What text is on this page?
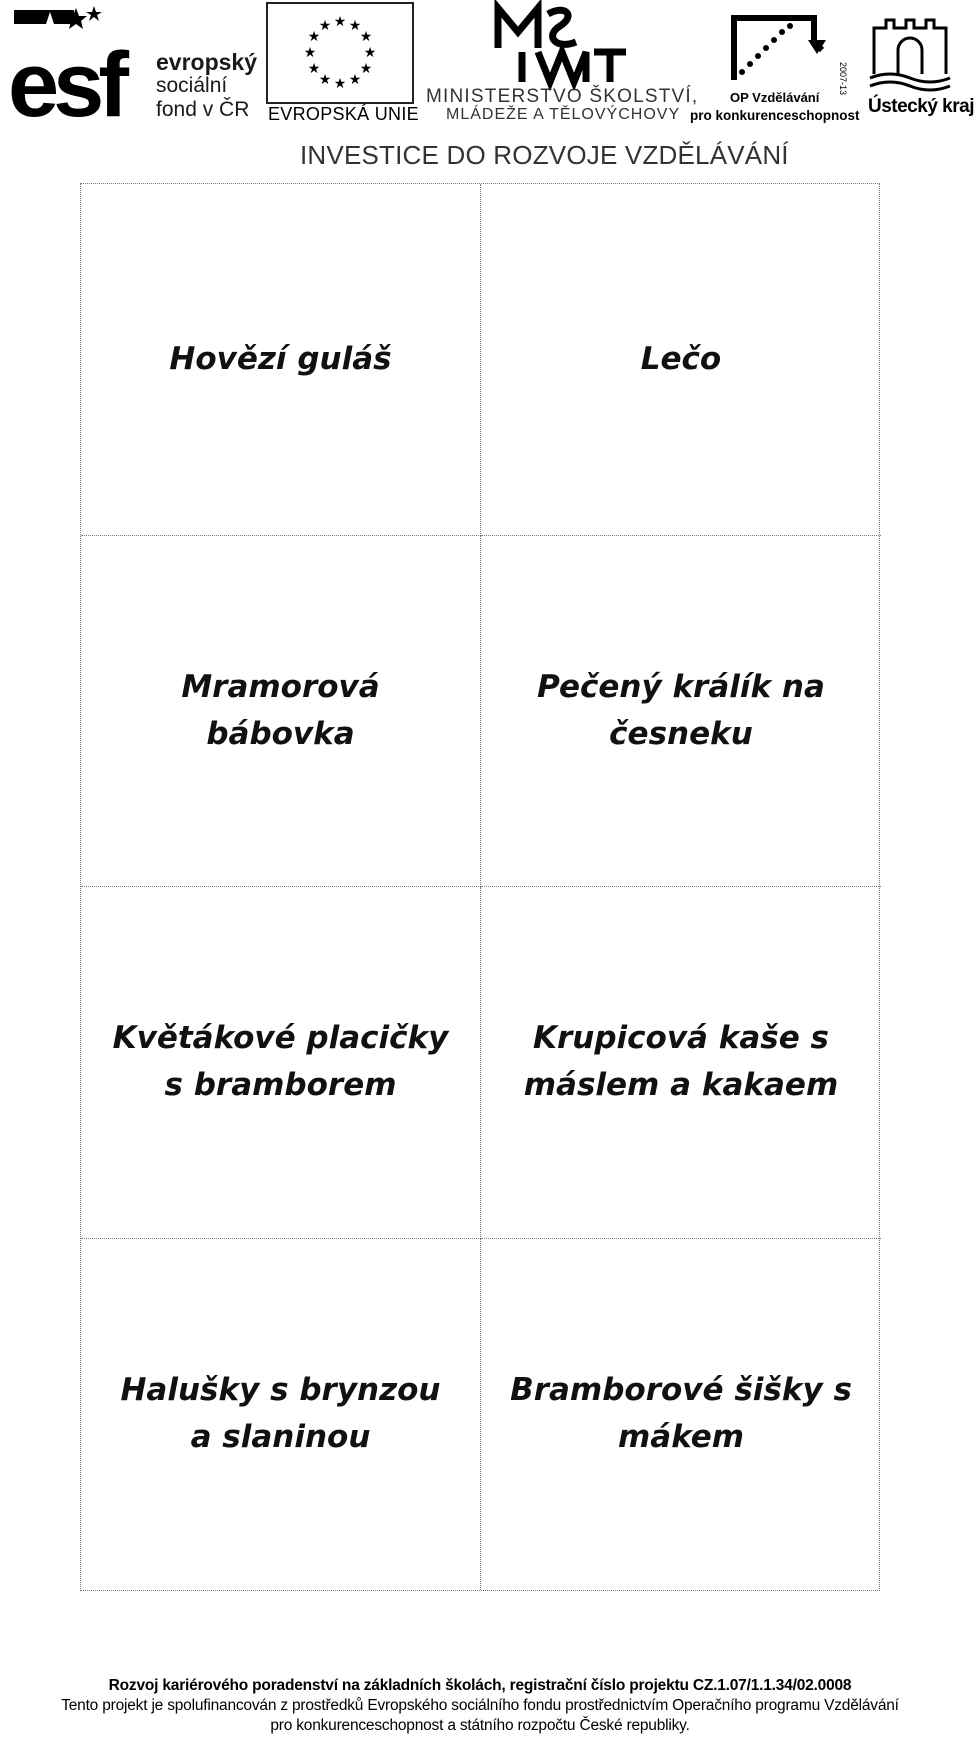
esf evropský
sociální
fond v ČR
★ ★
★
★
★
★
★
★
★
★
★
★
EVROPSKÁ UNIE
MINISTERSTVO ŠKOLSTVÍ,
MLÁDEŽE A TĚLOVÝCHOVY
2007-13
OP Vzdělávání
pro konkurenceschopnost Ústecký kraj
INVESTICE DO ROZVOJE VZDĚLÁVÁNÍ
Hovězí guláš	Lečo
Mramorová bábovka
Pečený králík na česneku
Květákové placičky s bramborem
Krupicová kaše s máslem a kakaem
Halušky s brynzou a slaninou
Bramborové šišky s mákem
Rozvoj kariérového poradenství na základních školách, registrační číslo projektu CZ.1.07/1.1.34/02.0008
Tento projekt je spolufinancován z prostředků Evropského sociálního fondu prostřednictvím Operačního programu Vzdělávání
pro konkurenceschopnost a státního rozpočtu České republiky.
